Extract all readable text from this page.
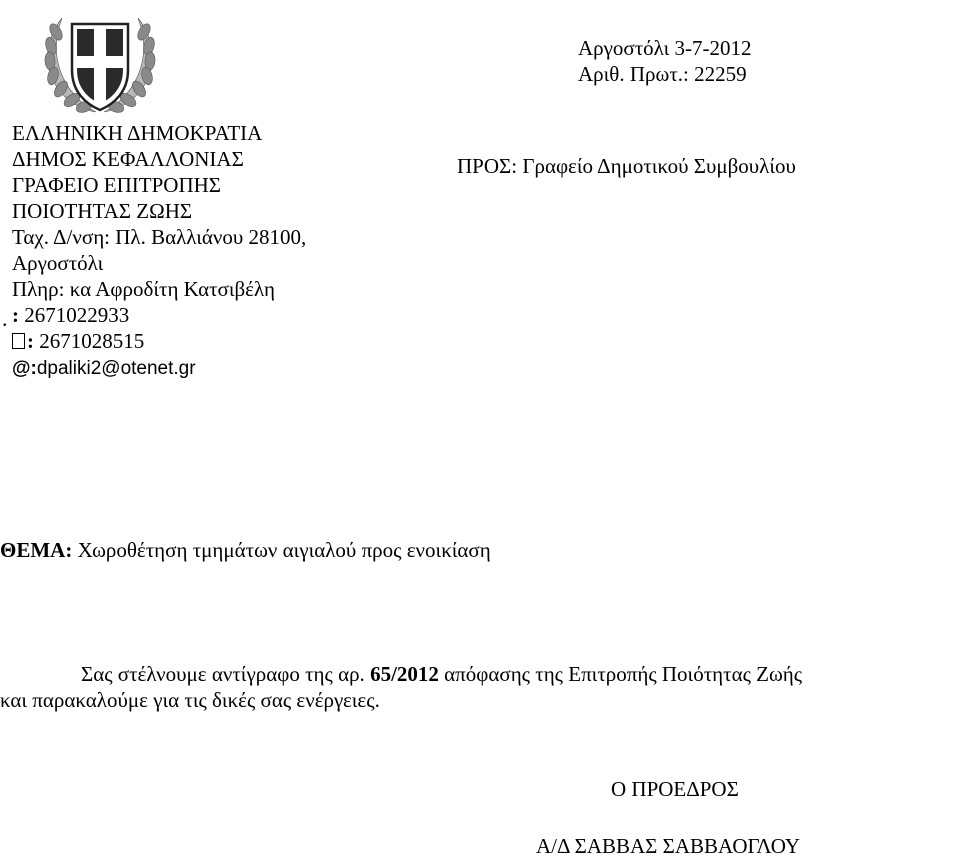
ΕΛΛΗΝΙΚΗ ΔΗΜΟΚΡΑΤΙΑ
ΔΗΜΟΣ ΚΕΦΑΛΛΟΝΙΑΣ
ΓΡΑΦΕΙΟ ΕΠΙΤΡΟΠΗΣ
ΠΟΙΟΤΗΤΑΣ ΖΩΗΣ
Ταχ. Δ/νση: Πλ. Βαλλιάνου 28100,
Αργοστόλι
Πληρ: κα Αφροδίτη Κατσιβέλη
. : 2671022933
: 2671028515
@:dpaliki2@otenet.gr
Αργοστόλι 3-7-2012
Αριθ. Πρωτ.: 22259
ΠΡΟΣ: Γραφείο Δημοτικού Συμβουλίου
ΘΕΜΑ: Χωροθέτηση τμημάτων αιγιαλού προς ενοικίαση
Σας στέλνουμε αντίγραφο της αρ. 65/2012 απόφασης της Επιτροπής Ποιότητας Ζωής
και παρακαλούμε για τις δικές σας ενέργειες.
Ο ΠΡΟΕΔΡΟΣ
Α/Δ ΣΑΒΒΑΣ ΣΑΒΒΑΟΓΛΟΥ
